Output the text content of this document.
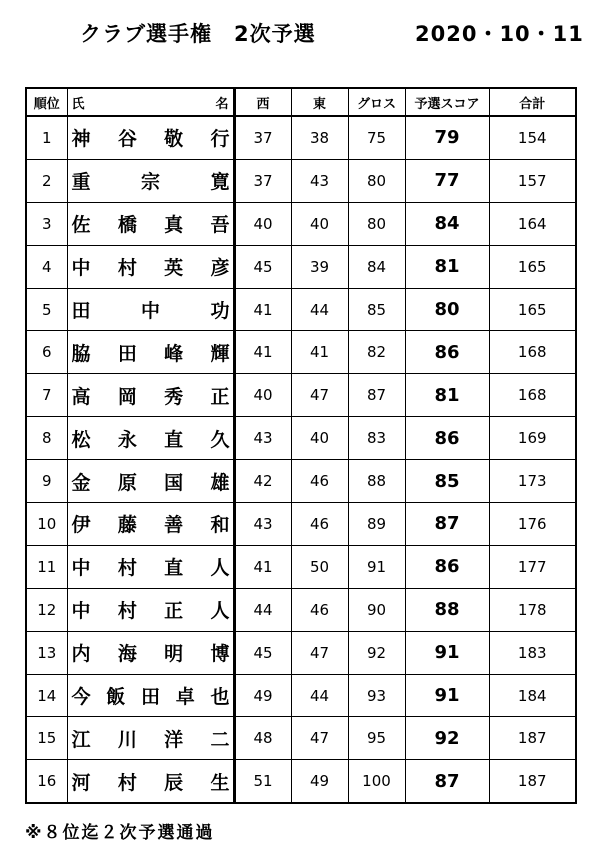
クラブ選手権　2次予選	2020・10・11
順位	氏 名	西	東	グロス	予選スコア	合計
1	神 谷 敬 行	37	38	75	79	154
2	重 宗 寛	37	43	80	77	157
3	佐 橋 真 吾	40	40	80	84	164
4	中 村 英 彦	45	39	84	81	165
5	田 中 功	41	44	85	80	165
6	脇 田 峰 輝	41	41	82	86	168
7	高 岡 秀 正	40	47	87	81	168
8	松 永 直 久	43	40	83	86	169
9	金 原 国 雄	42	46	88	85	173
10	伊 藤 善 和	43	46	89	87	176
11	中 村 直 人	41	50	91	86	177
12	中 村 正 人	44	46	90	88	178
13	内 海 明 博	45	47	92	91	183
14	今 飯 田 卓 也	49	44	93	91	184
15	江 川 洋 二	48	47	95	92	187
16	河 村 辰 生	51	49	100	87	187
※８位迄２次予選通過
